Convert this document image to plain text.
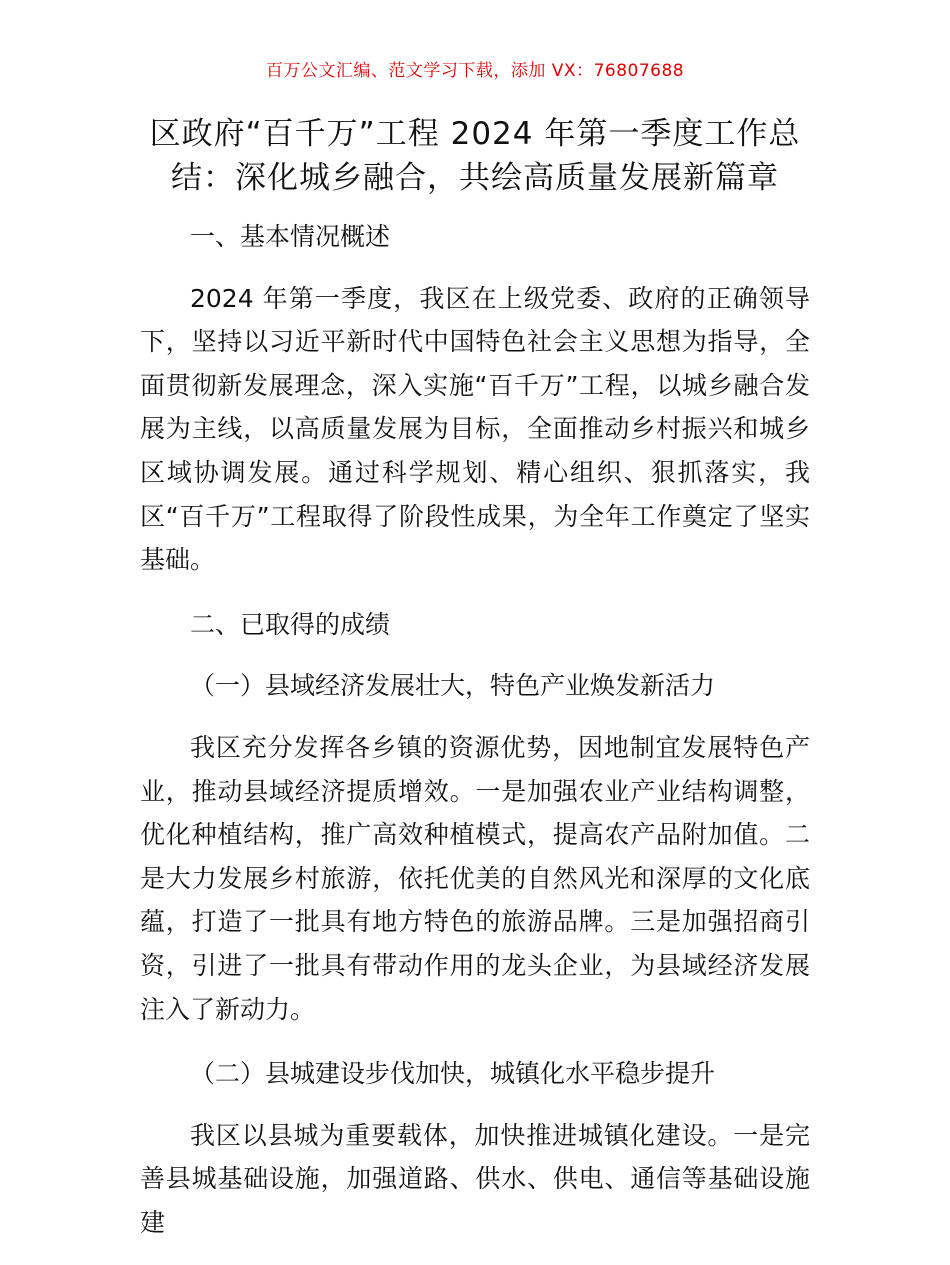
百万公文汇编、范文学习下载，添加 VX：76807688
区政府“百千万”工程 2024 年第一季度工作总结：深化城乡融合，共绘高质量发展新篇章

一、基本情况概述

2024 年第一季度，我区在上级党委、政府的正确领导下，坚持以习近平新时代中国特色社会主义思想为指导，全面贯彻新发展理念，深入实施“百千万”工程，以城乡融合发展为主线，以高质量发展为目标，全面推动乡村振兴和城乡区域协调发展。通过科学规划、精心组织、狠抓落实，我区“百千万”工程取得了阶段性成果，为全年工作奠定了坚实基础。

二、已取得的成绩

（一）县域经济发展壮大，特色产业焕发新活力

我区充分发挥各乡镇的资源优势，因地制宜发展特色产业，推动县域经济提质增效。一是加强农业产业结构调整，优化种植结构，推广高效种植模式，提高农产品附加值。二是大力发展乡村旅游，依托优美的自然风光和深厚的文化底蕴，打造了一批具有地方特色的旅游品牌。三是加强招商引资，引进了一批具有带动作用的龙头企业，为县域经济发展注入了新动力。

（二）县城建设步伐加快，城镇化水平稳步提升

我区以县城为重要载体，加快推进城镇化建设。一是完善县城基础设施，加强道路、供水、供电、通信等基础设施建
